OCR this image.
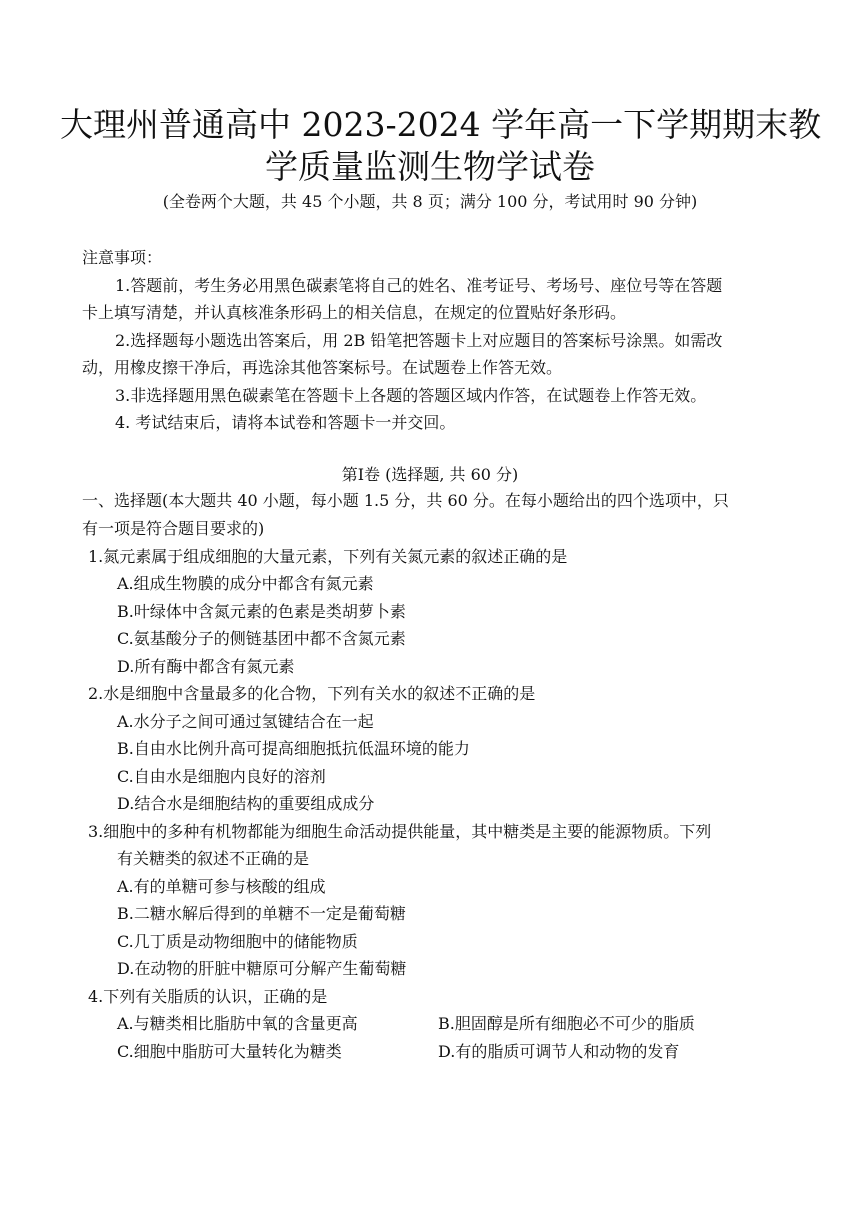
大理州普通高中 2023-2024 学年高一下学期期末教
学质量监测生物学试卷
(全卷两个大题，共 45 个小题，共 8 页；满分 100 分，考试用时 90 分钟)
注意事项：
1.答题前，考生务必用黑色碳素笔将自己的姓名、准考证号、考场号、座位号等在答题
卡上填写清楚，并认真核准条形码上的相关信息，在规定的位置贴好条形码。
2.选择题每小题选出答案后，用 2B 铅笔把答题卡上对应题目的答案标号涂黑。如需改
动，用橡皮擦干净后，再选涂其他答案标号。在试题卷上作答无效。
3.非选择题用黑色碳素笔在答题卡上各题的答题区域内作答，在试题卷上作答无效。
4. 考试结束后，请将本试卷和答题卡一并交回。
第Ⅰ卷 (选择题, 共 60 分)
一、选择题(本大题共 40 小题，每小题 1.5 分，共 60 分。在每小题给出的四个选项中，只
有一项是符合题目要求的)
1.氮元素属于组成细胞的大量元素，下列有关氮元素的叙述正确的是
A.组成生物膜的成分中都含有氮元素
B.叶绿体中含氮元素的色素是类胡萝卜素
C.氨基酸分子的侧链基团中都不含氮元素
D.所有酶中都含有氮元素
2.水是细胞中含量最多的化合物，下列有关水的叙述不正确的是
A.水分子之间可通过氢键结合在一起
B.自由水比例升高可提高细胞抵抗低温环境的能力
C.自由水是细胞内良好的溶剂
D.结合水是细胞结构的重要组成成分
3.细胞中的多种有机物都能为细胞生命活动提供能量，其中糖类是主要的能源物质。下列
有关糖类的叙述不正确的是
A.有的单糖可参与核酸的组成
B.二糖水解后得到的单糖不一定是葡萄糖
C.几丁质是动物细胞中的储能物质
D.在动物的肝脏中糖原可分解产生葡萄糖
4.下列有关脂质的认识，正确的是
A.与糖类相比脂肪中氧的含量更高	B.胆固醇是所有细胞必不可少的脂质
C.细胞中脂肪可大量转化为糖类	D.有的脂质可调节人和动物的发育
